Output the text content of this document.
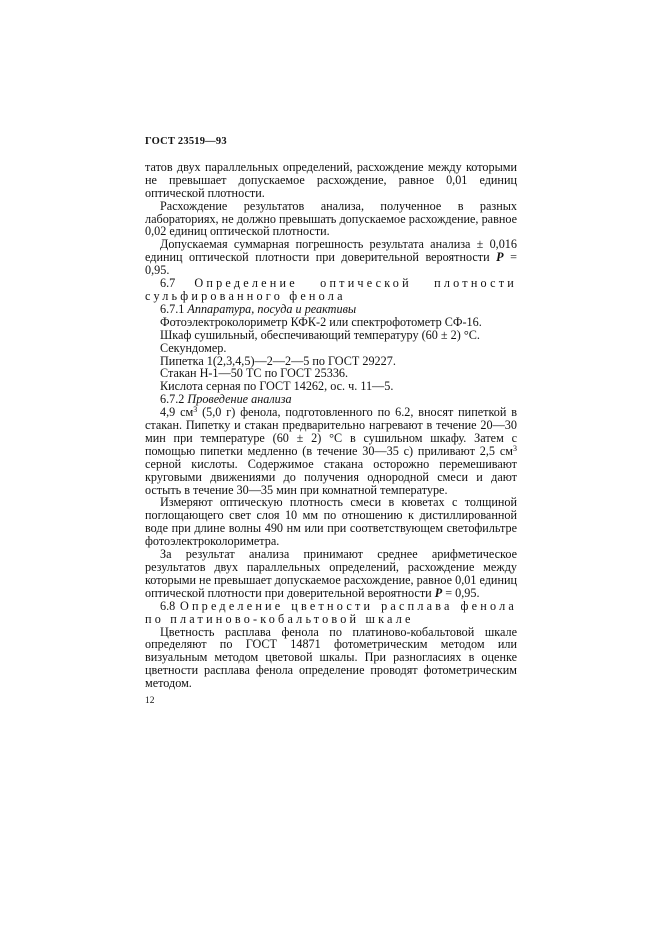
ГОСТ 23519—93

татов двух параллельных определений, расхождение между которыми не превышает допускаемое расхождение, равное 0,01 единиц оптической плотности.

Расхождение результатов анализа, полученное в разных лабораториях, не должно превышать допускаемое расхождение, равное 0,02 единиц оптической плотности.

Допускаемая суммарная погрешность результата анализа ± 0,016 единиц оптической плотности при доверительной вероятности P = 0,95.

6.7 Определение оптической плотности сульфированного фенола

6.7.1 Аппаратура, посуда и реактивы

Фотоэлектроколориметр КФК-2 или спектрофотометр СФ-16.

Шкаф сушильный, обеспечивающий температуру (60 ± 2) °С.

Секундомер.

Пипетка 1(2,3,4,5)—2—2—5 по ГОСТ 29227.

Стакан Н-1—50 ТС по ГОСТ 25336.

Кислота серная по ГОСТ 14262, ос. ч. 11—5.

6.7.2 Проведение анализа

4,9 $см^3$ (5,0 г) фенола, подготовленного по 6.2, вносят пипеткой в стакан. Пипетку и стакан предварительно нагревают в течение 20—30 мин при температуре (60 ± 2) °С в сушильном шкафу. Затем с помощью пипетки медленно (в течение 30—35 с) приливают 2,5 $см^3$ серной кислоты. Содержимое стакана осторожно перемешивают круговыми движениями до получения однородной смеси и дают остыть в течение 30—35 мин при комнатной температуре.

Измеряют оптическую плотность смеси в кюветах с толщиной поглощающего свет слоя 10 мм по отношению к дистиллированной воде при длине волны 490 нм или при соответствующем светофильтре фотоэлектроколориметра.

За результат анализа принимают среднее арифметическое результатов двух параллельных определений, расхождение между которыми не превышает допускаемое расхождение, равное 0,01 единиц оптической плотности при доверительной вероятности P = 0,95.

6.8 Определение цветности расплава фенола по платиново-кобальтовой шкале

Цветность расплава фенола по платиново-кобальтовой шкале определяют по ГОСТ 14871 фотометрическим методом или визуальным методом цветовой шкалы. При разногласиях в оценке цветности расплава фенола определение проводят фотометрическим методом.

12
